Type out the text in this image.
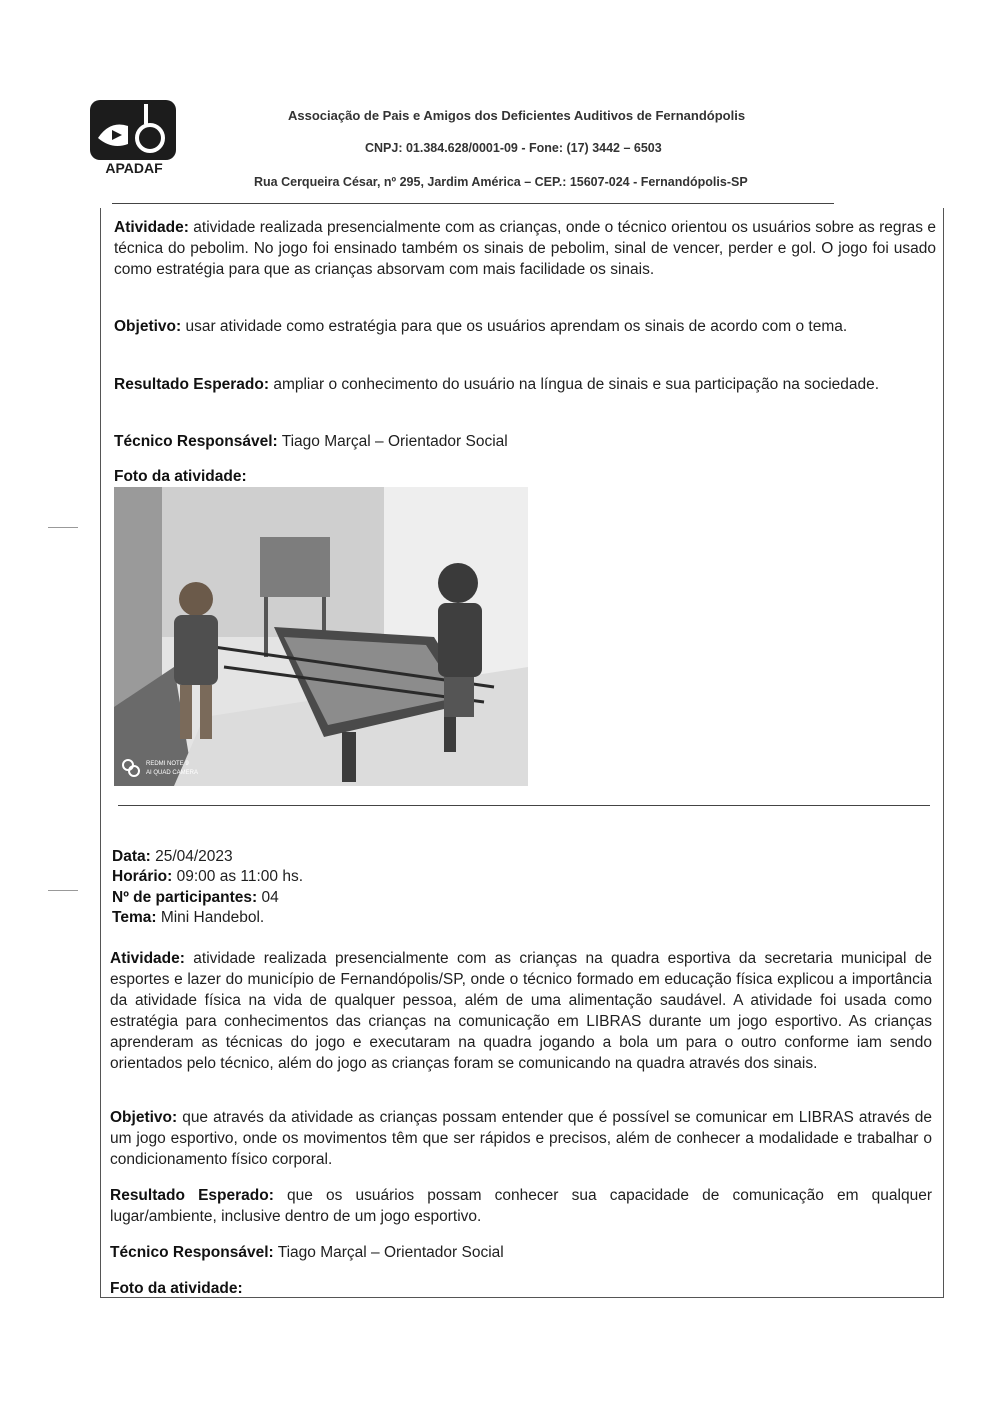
APADAF
Associação de Pais e Amigos dos Deficientes Auditivos de Fernandópolis
CNPJ: 01.384.628/0001-09 - Fone: (17) 3442 – 6503
Rua Cerqueira César, nº 295, Jardim América – CEP.: 15607-024 - Fernandópolis-SP
Atividade: atividade realizada presencialmente com as crianças, onde o técnico orientou os usuários sobre as regras e técnica do pebolim. No jogo foi ensinado também os sinais de pebolim, sinal de vencer, perder e gol. O jogo foi usado como estratégia para que as crianças absorvam com mais facilidade os sinais.
Objetivo: usar atividade como estratégia para que os usuários aprendam os sinais de acordo com o tema.
Resultado Esperado: ampliar o conhecimento do usuário na língua de sinais e sua participação na sociedade.
Técnico Responsável: Tiago Marçal – Orientador Social
Foto da atividade:
REDMI NOTE 9
AI QUAD CAMERA
Data: 25/04/2023
Horário: 09:00 as 11:00 hs.
Nº de participantes: 04
Tema: Mini Handebol.
Atividade: atividade realizada presencialmente com as crianças na quadra esportiva da secretaria municipal de esportes e lazer do município de Fernandópolis/SP, onde o técnico formado em educação física explicou a importância da atividade física na vida de qualquer pessoa, além de uma alimentação saudável. A atividade foi usada como estratégia para conhecimentos das crianças na comunicação em LIBRAS durante um jogo esportivo. As crianças aprenderam as técnicas do jogo e executaram na quadra jogando a bola um para o outro conforme iam sendo orientados pelo técnico, além do jogo as crianças foram se comunicando na quadra através dos sinais.
Objetivo: que através da atividade as crianças possam entender que é possível se comunicar em LIBRAS através de um jogo esportivo, onde os movimentos têm que ser rápidos e precisos, além de conhecer a modalidade e trabalhar o condicionamento físico corporal.
Resultado Esperado: que os usuários possam conhecer sua capacidade de comunicação em qualquer lugar/ambiente, inclusive dentro de um jogo esportivo.
Técnico Responsável: Tiago Marçal – Orientador Social
Foto da atividade:
